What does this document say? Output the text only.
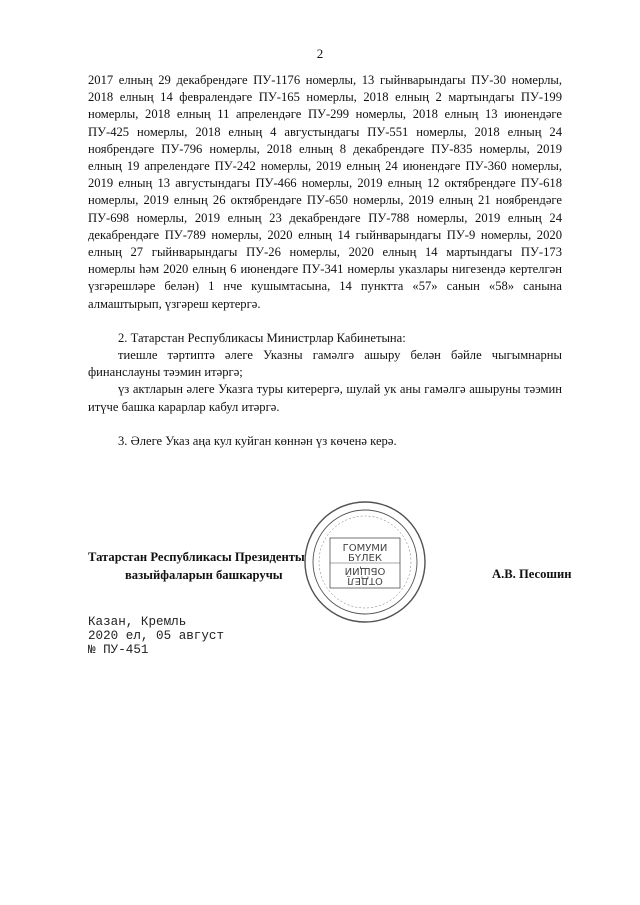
2

2017 елның 29 декабрендәге ПУ-1176 номерлы, 13 гыйнварындагы ПУ-30 номерлы, 2018 елның 14 февралендәге ПУ-165 номерлы, 2018 елның 2 мартындагы ПУ-199 номерлы, 2018 елның 11 апрелендәге ПУ-299 номерлы, 2018 елның 13 июнендәге ПУ-425 номерлы, 2018 елның 4 августындагы ПУ-551 номерлы, 2018 елның 24 ноябрендәге ПУ-796 номерлы, 2018 елның 8 декабрендәге ПУ-835 номерлы, 2019 елның 19 апрелендәге ПУ-242 номерлы, 2019 елның 24 июнендәге ПУ-360 номерлы, 2019 елның 13 августындагы ПУ-466 номерлы, 2019 елның 12 октябрендәге ПУ-618 номерлы, 2019 елның 26 октябрендәге ПУ-650 номерлы, 2019 елның 21 ноябрендәге ПУ-698 номерлы, 2019 елның 23 декабрендәге ПУ-788 номерлы, 2019 елның 24 декабрендәге ПУ-789 номерлы, 2020 елның 14 гыйнварындагы ПУ-9 номерлы, 2020 елның 27 гыйнварындагы ПУ-26 номерлы, 2020 елның 14 мартындагы ПУ-173 номерлы һәм 2020 елның 6 июнендәге ПУ-341 номерлы указлары нигезендә кертелгән үзгәрешләре белән) 1 нче кушымтасына, 14 пунктта «57» санын «58» санына алмаштырып, үзгәреш кертергә.

2. Татарстан Республикасы Министрлар Кабинетына:

тиешле тәртиптә әлеге Указны гамәлгә ашыру белән бәйле чыгымнарны финанслауны тәэмин итәргә;

үз актларын әлеге Указга туры китерергә, шулай ук аны гамәлгә ашыруны тәэмин итүче башка карарлар кабул итәргә.

3. Әлеге Указ аңа кул куйган көннән үз көченә керә.

Татарстан Республикасы Президенты
вазыйфаларын башкаручы	А.В. Песошин
ГОМУМИ
БҮЛЕК
ОБЩИЙ
ОТДЕЛ
Казан, Кремль
2020 ел, 05 август
№ ПУ-451
